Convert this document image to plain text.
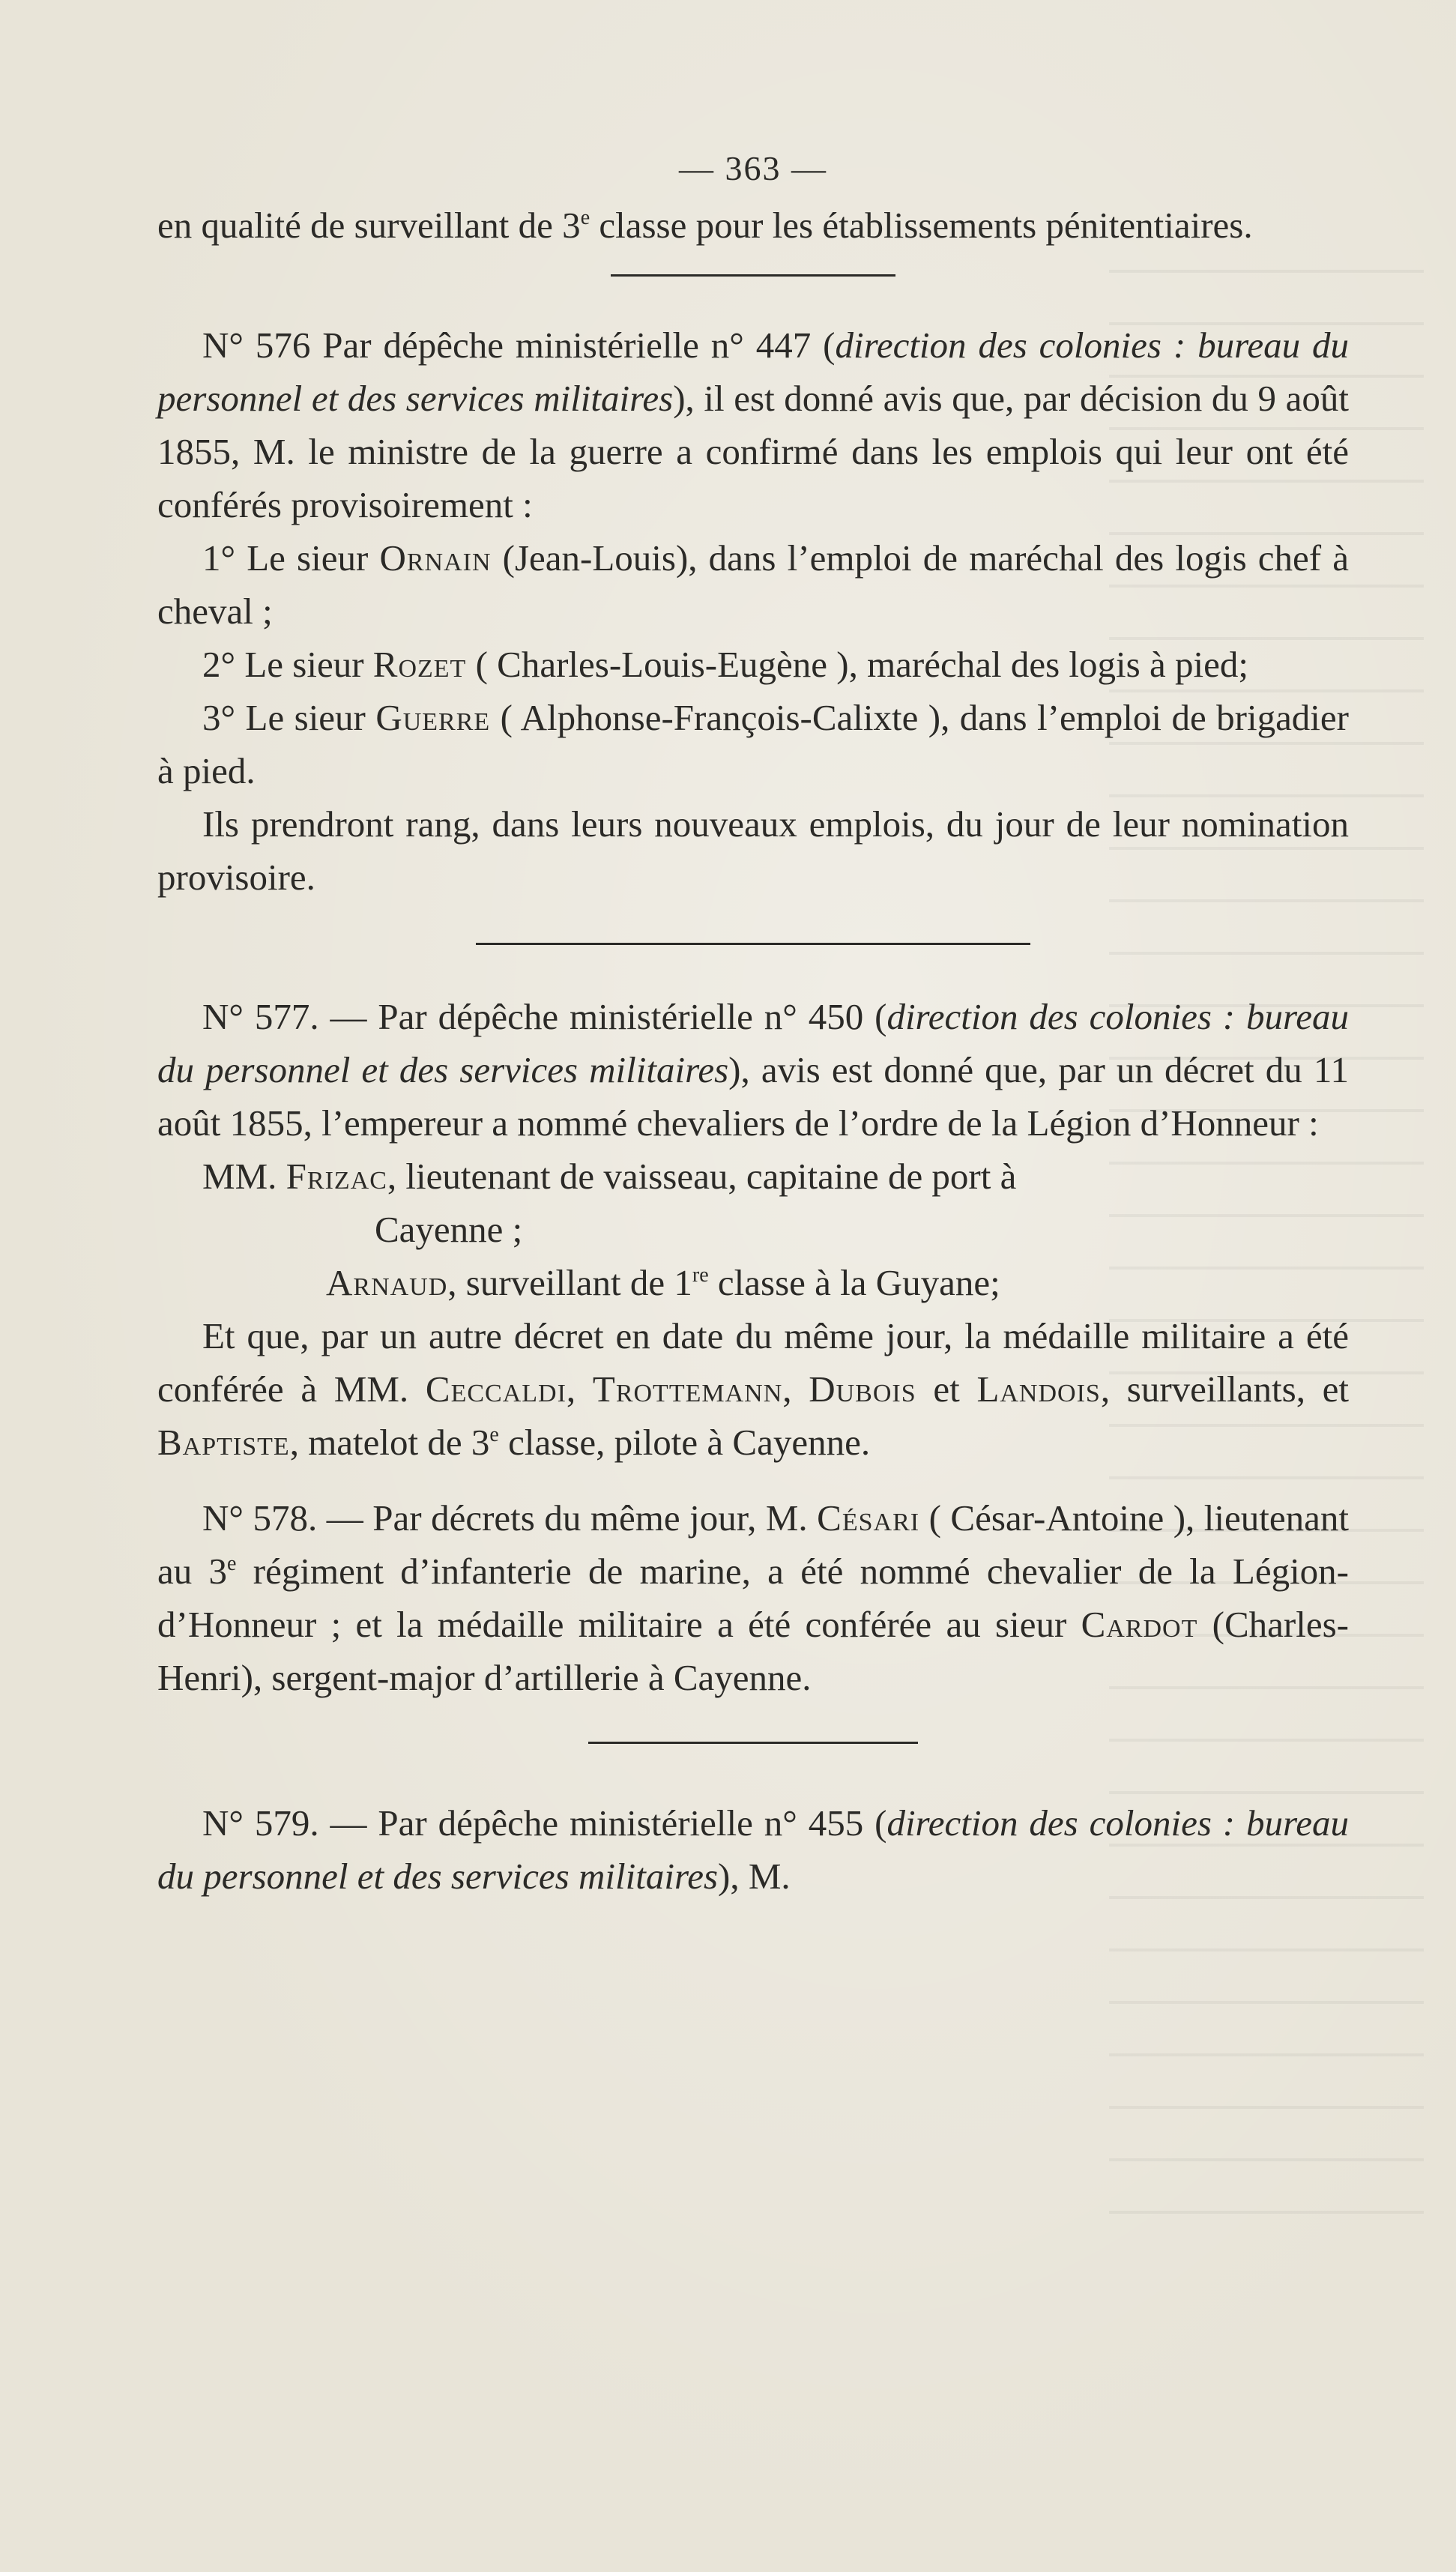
— 363 —

en qualité de surveillant de 3e classe pour les établissements pénitentiaires.

N° 576 Par dépêche ministérielle n° 447 (direction des colonies : bureau du personnel et des services militaires), il est donné avis que, par décision du 9 août 1855, M. le ministre de la guerre a confirmé dans les emplois qui leur ont été conférés provisoirement :

1° Le sieur Ornain (Jean-Louis), dans l’emploi de maréchal des logis chef à cheval ;

2° Le sieur Rozet ( Charles-Louis-Eugène ), maréchal des logis à pied;

3° Le sieur Guerre ( Alphonse-François-Calixte ), dans l’emploi de brigadier à pied.

Ils prendront rang, dans leurs nouveaux emplois, du jour de leur nomination provisoire.

N° 577. — Par dépêche ministérielle n° 450 (direction des colonies : bureau du personnel et des services militaires), avis est donné que, par un décret du 11 août 1855, l’empereur a nommé chevaliers de l’ordre de la Légion d’Honneur :

MM. Frizac, lieutenant de vaisseau, capitaine de port à

Cayenne ;

Arnaud, surveillant de 1re classe à la Guyane;

Et que, par un autre décret en date du même jour, la médaille militaire a été conférée à MM. Ceccaldi, Trottemann, Dubois et Landois, surveillants, et Baptiste, matelot de 3e classe, pilote à Cayenne.

N° 578. — Par décrets du même jour, M. Césari ( César-Antoine ), lieutenant au 3e régiment d’infanterie de marine, a été nommé chevalier de la Légion-d’Honneur ; et la médaille militaire a été conférée au sieur Cardot (Charles-Henri), sergent-major d’artillerie à Cayenne.

N° 579. — Par dépêche ministérielle n° 455 (direction des colonies : bureau du personnel et des services militaires), M.
